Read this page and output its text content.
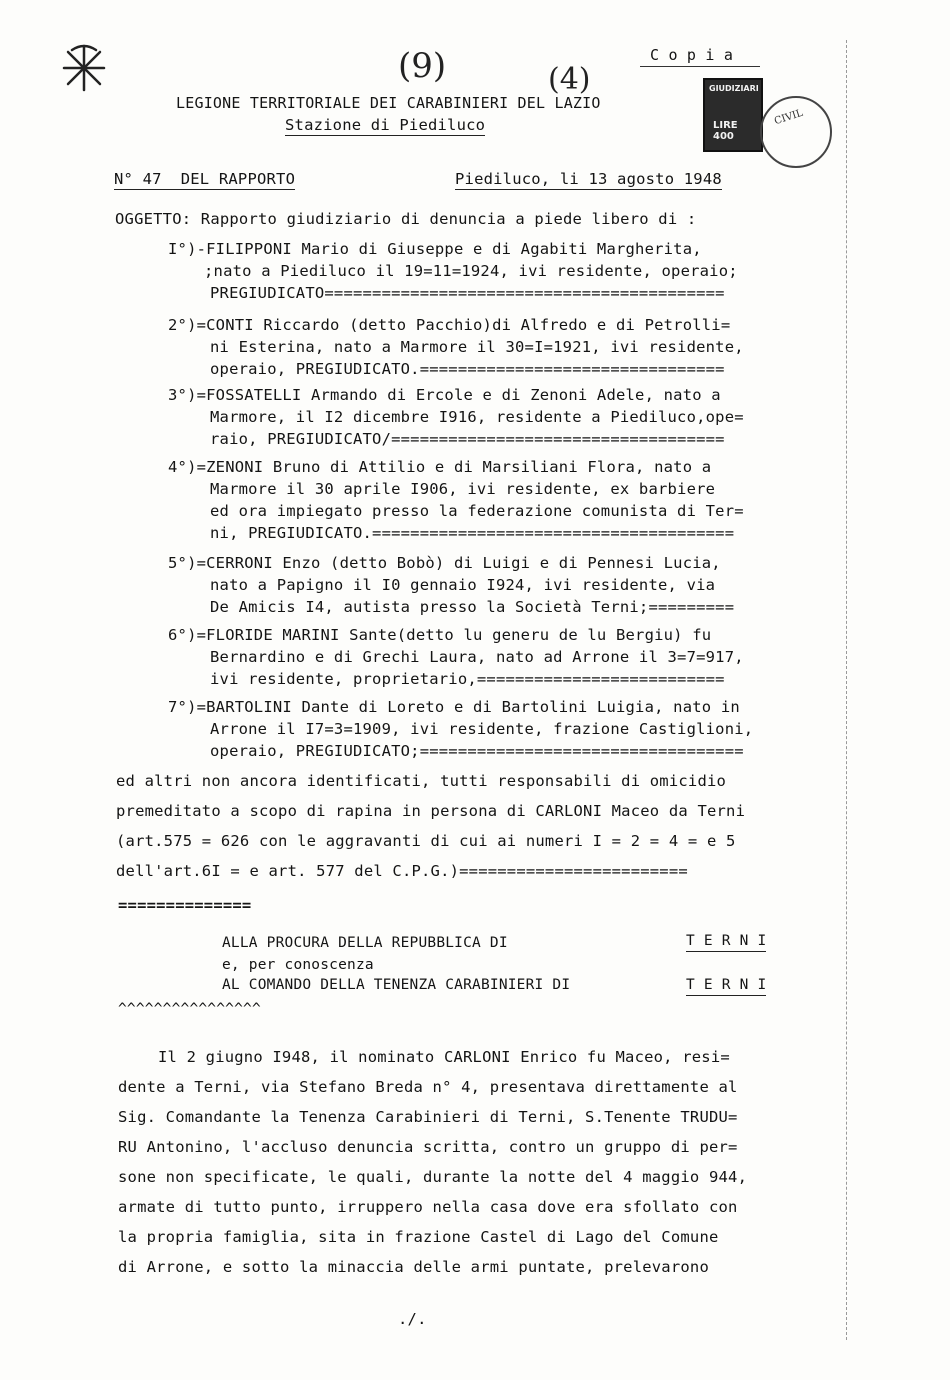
C o p i a
(9)	(4)
LEGIONE TERRITORIALE DEI CARABINIERI DEL LAZIO
Stazione di Piediluco
GIUDIZIARI
LIRE 400
CIVIL
N° 47  DEL RAPPORTO	Piediluco, li 13 agosto 1948
OGGETTO: Rapporto giudiziario di denuncia a piede libero di :
I°)-FILIPPONI Mario di Giuseppe e di Agabiti Margherita,
;nato a Piediluco il 19=11=1924, ivi residente, operaio;
PREGIUDICATO==========================================
2°)=CONTI Riccardo (detto Pacchio)di Alfredo e di Petrolli=
ni Esterina, nato a Marmore il 30=I=1921, ivi residente,
operaio, PREGIUDICATO.================================
3°)=FOSSATELLI Armando di Ercole e di Zenoni Adele, nato a
Marmore, il I2 dicembre I916, residente a Piediluco,ope=
raio, PREGIUDICATO/===================================
4°)=ZENONI Bruno di Attilio e di Marsiliani Flora, nato a
Marmore il 30 aprile I906, ivi residente, ex barbiere
ed ora impiegato presso la federazione comunista di Ter=
ni, PREGIUDICATO.======================================
5°)=CERRONI Enzo (detto Bobò) di Luigi e di Pennesi Lucia,
nato a Papigno il I0 gennaio I924, ivi residente, via
De Amicis I4, autista presso la Società Terni;=========
6°)=FLORIDE MARINI Sante(detto lu generu de lu Bergiu) fu
Bernardino e di Grechi Laura, nato ad Arrone il 3=7=917,
ivi residente, proprietario,==========================
7°)=BARTOLINI Dante di Loreto e di Bartolini Luigia, nato in
Arrone il I7=3=1909, ivi residente, frazione Castiglioni,
operaio, PREGIUDICATO;==================================
ed altri non ancora identificati, tutti responsabili di omicidio
premeditato a scopo di rapina in persona di CARLONI Maceo da Terni
(art.575 = 626 con le aggravanti di cui ai numeri I = 2 = 4 = e 5
dell'art.6I = e art. 577 del C.P.G.)========================
==============
ALLA PROCURA DELLA REPUBBLICA DI	T E R N I
e, per conoscenza
AL COMANDO DELLA TENENZA CARABINIERI DI	T E R N I
^^^^^^^^^^^^^^^^
Il 2 giugno I948, il nominato CARLONI Enrico fu Maceo, resi=
dente a Terni, via Stefano Breda n° 4, presentava direttamente al
Sig. Comandante la Tenenza Carabinieri di Terni, S.Tenente TRUDU=
RU Antonino, l'accluso denuncia scritta, contro un gruppo di per=
sone non specificate, le quali, durante la notte del 4 maggio 944,
armate di tutto punto, irruppero nella casa dove era sfollato con
la propria famiglia, sita in frazione Castel di Lago del Comune
di Arrone, e sotto la minaccia delle armi puntate, prelevarono
./.
